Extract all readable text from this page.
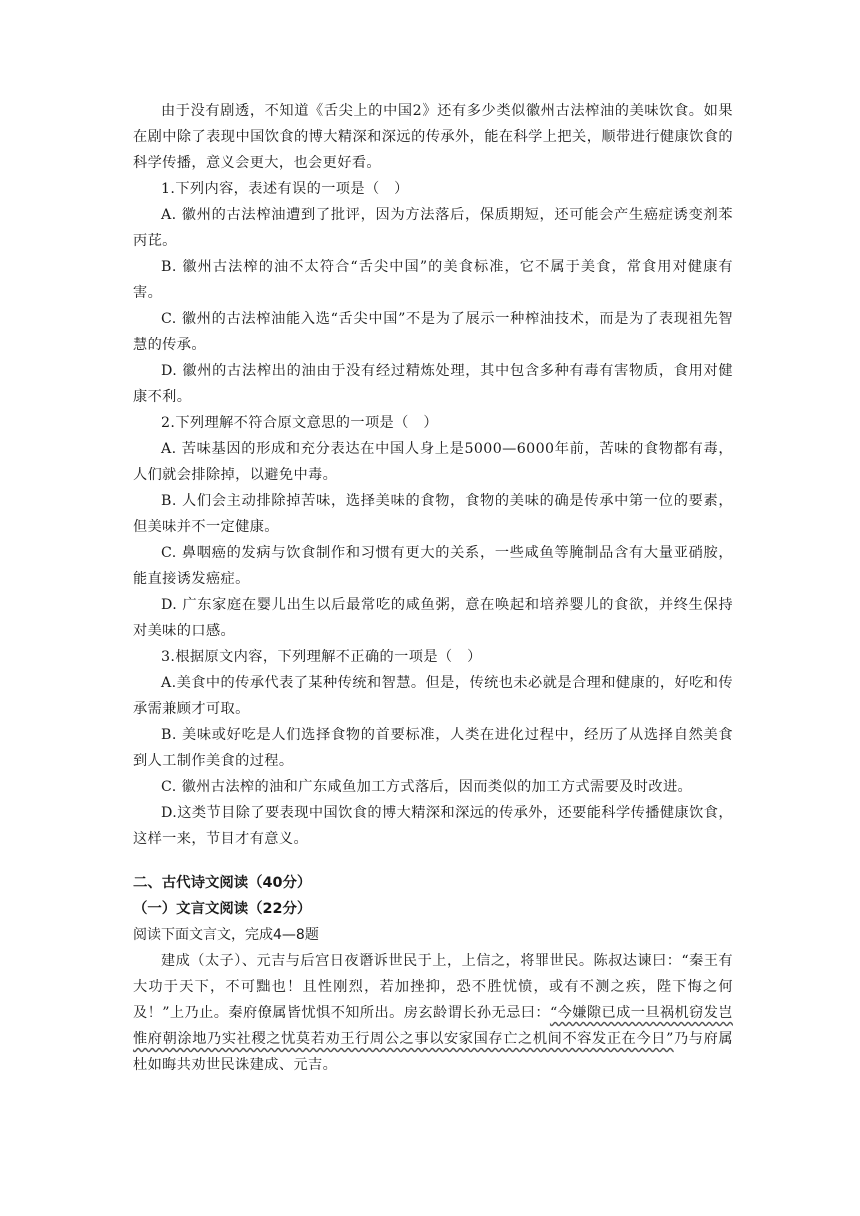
由于没有剧透，不知道《舌尖上的中国2》还有多少类似徽州古法榨油的美味饮食。如果在剧中除了表现中国饮食的博大精深和深远的传承外，能在科学上把关，顺带进行健康饮食的科学传播，意义会更大，也会更好看。

1.下列内容，表述有误的一项是（　）

A. 徽州的古法榨油遭到了批评，因为方法落后，保质期短，还可能会产生癌症诱变剂苯丙芘。

B. 徽州古法榨的油不太符合“舌尖中国”的美食标准，它不属于美食，常食用对健康有害。

C. 徽州的古法榨油能入选“舌尖中国”不是为了展示一种榨油技术，而是为了表现祖先智慧的传承。

D. 徽州的古法榨出的油由于没有经过精炼处理，其中包含多种有毒有害物质，食用对健康不利。

2.下列理解不符合原文意思的一项是（　）

A. 苦味基因的形成和充分表达在中国人身上是5000—6000年前，苦味的食物都有毒，人们就会排除掉，以避免中毒。

B. 人们会主动排除掉苦味，选择美味的食物，食物的美味的确是传承中第一位的要素，但美味并不一定健康。

C. 鼻咽癌的发病与饮食制作和习惯有更大的关系，一些咸鱼等腌制品含有大量亚硝胺，能直接诱发癌症。

D. 广东家庭在婴儿出生以后最常吃的咸鱼粥，意在唤起和培养婴儿的食欲，并终生保持对美味的口感。

3.根据原文内容，下列理解不正确的一项是（　）

A.美食中的传承代表了某种传统和智慧。但是，传统也未必就是合理和健康的，好吃和传承需兼顾才可取。

B. 美味或好吃是人们选择食物的首要标准，人类在进化过程中，经历了从选择自然美食到人工制作美食的过程。

C. 徽州古法榨的油和广东咸鱼加工方式落后，因而类似的加工方式需要及时改进。

D.这类节目除了要表现中国饮食的博大精深和深远的传承外，还要能科学传播健康饮食，这样一来，节目才有意义。

二、古代诗文阅读（40分）

（一）文言文阅读（22分）

阅读下面文言文，完成4—8题

建成（太子）、元吉与后宫日夜谮诉世民于上，上信之，将罪世民。陈叔达谏曰：“秦王有大功于天下，不可黜也！且性刚烈，若加挫抑，恐不胜忧愤，或有不测之疾，陛下悔之何及！”上乃止。秦府僚属皆忧惧不知所出。房玄龄谓长孙无忌曰：“今嫌隙已成一旦祸机窃发岂惟府朝涂地乃实社稷之忧莫若劝王行周公之事以安家国存亡之机间不容发正在今日”乃与府属杜如晦共劝世民诛建成、元吉。
